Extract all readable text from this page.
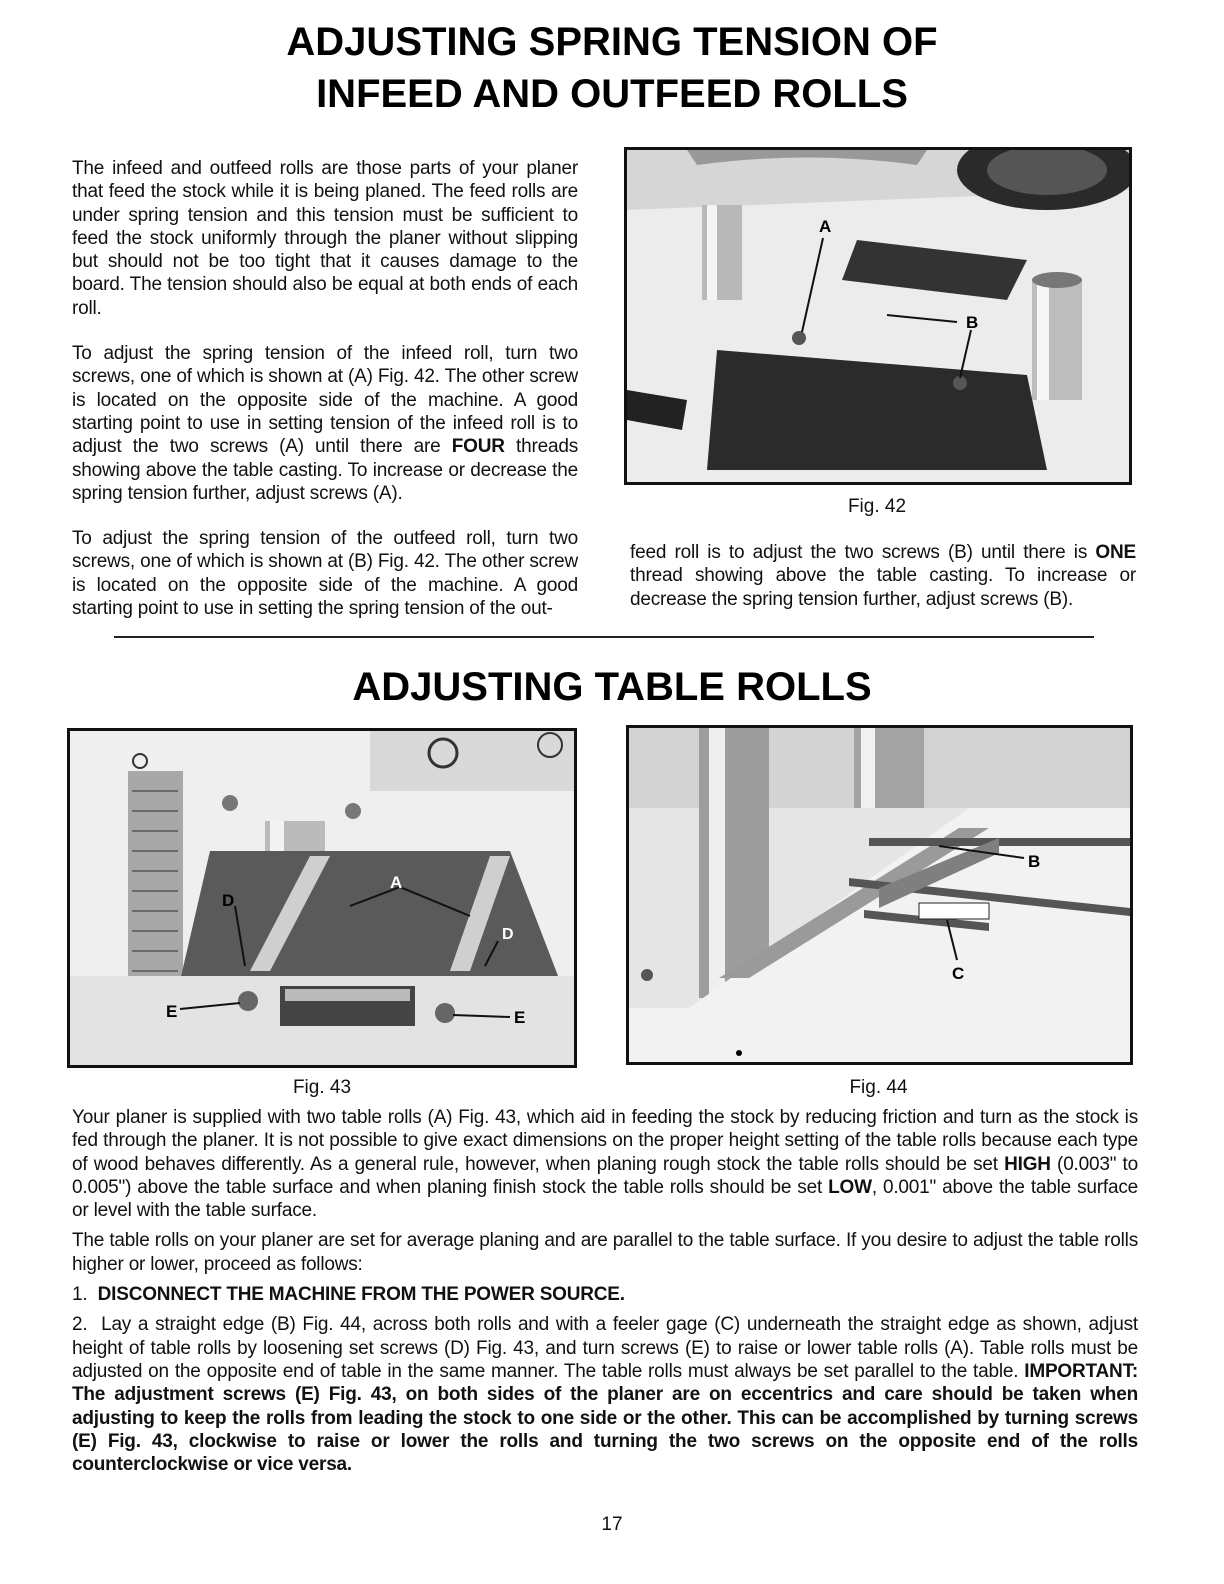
ADJUSTING SPRING TENSION OF
INFEED AND OUTFEED ROLLS

The infeed and outfeed rolls are those parts of your planer that feed the stock while it is being planed. The feed rolls are under spring tension and this tension must be sufficient to feed the stock uniformly through the planer without slipping but should not be too tight that it causes damage to the board. The tension should also be equal at both ends of each roll.

To adjust the spring tension of the infeed roll, turn two screws, one of which is shown at (A) Fig. 42. The other screw is located on the opposite side of the machine. A good starting point to use in setting tension of the infeed roll is to adjust the two screws (A) until there are FOUR threads showing above the table casting. To increase or decrease the spring tension further, adjust screws (A).

To adjust the spring tension of the outfeed roll, turn two screws, one of which is shown at (B) Fig. 42. The other screw is located on the opposite side of the machine. A good starting point to use in setting the spring tension of the out-

A
B
Fig. 42

feed roll is to adjust the two screws (B) until there is ONE thread showing above the table casting. To increase or decrease the spring tension further, adjust screws (B).

ADJUSTING TABLE ROLLS
A
D
D
E	E
Fig. 43
B
C
Fig. 44

Your planer is supplied with two table rolls (A) Fig. 43, which aid in feeding the stock by reducing friction and turn as the stock is fed through the planer. It is not possible to give exact dimensions on the proper height setting of the table rolls because each type of wood behaves differently. As a general rule, however, when planing rough stock the table rolls should be set HIGH (0.003" to 0.005") above the table surface and when planing finish stock the table rolls should be set LOW, 0.001" above the table surface or level with the table surface.

The table rolls on your planer are set for average planing and are parallel to the table surface. If you desire to adjust the table rolls higher or lower, proceed as follows:

1. DISCONNECT THE MACHINE FROM THE POWER SOURCE.

2. Lay a straight edge (B) Fig. 44, across both rolls and with a feeler gage (C) underneath the straight edge as shown, adjust height of table rolls by loosening set screws (D) Fig. 43, and turn screws (E) to raise or lower table rolls (A). Table rolls must be adjusted on the opposite end of table in the same manner. The table rolls must always be set parallel to the table. IMPORTANT: The adjustment screws (E) Fig. 43, on both sides of the planer are on eccentrics and care should be taken when adjusting to keep the rolls from leading the stock to one side or the other. This can be accomplished by turning screws (E) Fig. 43, clockwise to raise or lower the rolls and turning the two screws on the opposite end of the rolls counterclockwise or vice versa.

17
